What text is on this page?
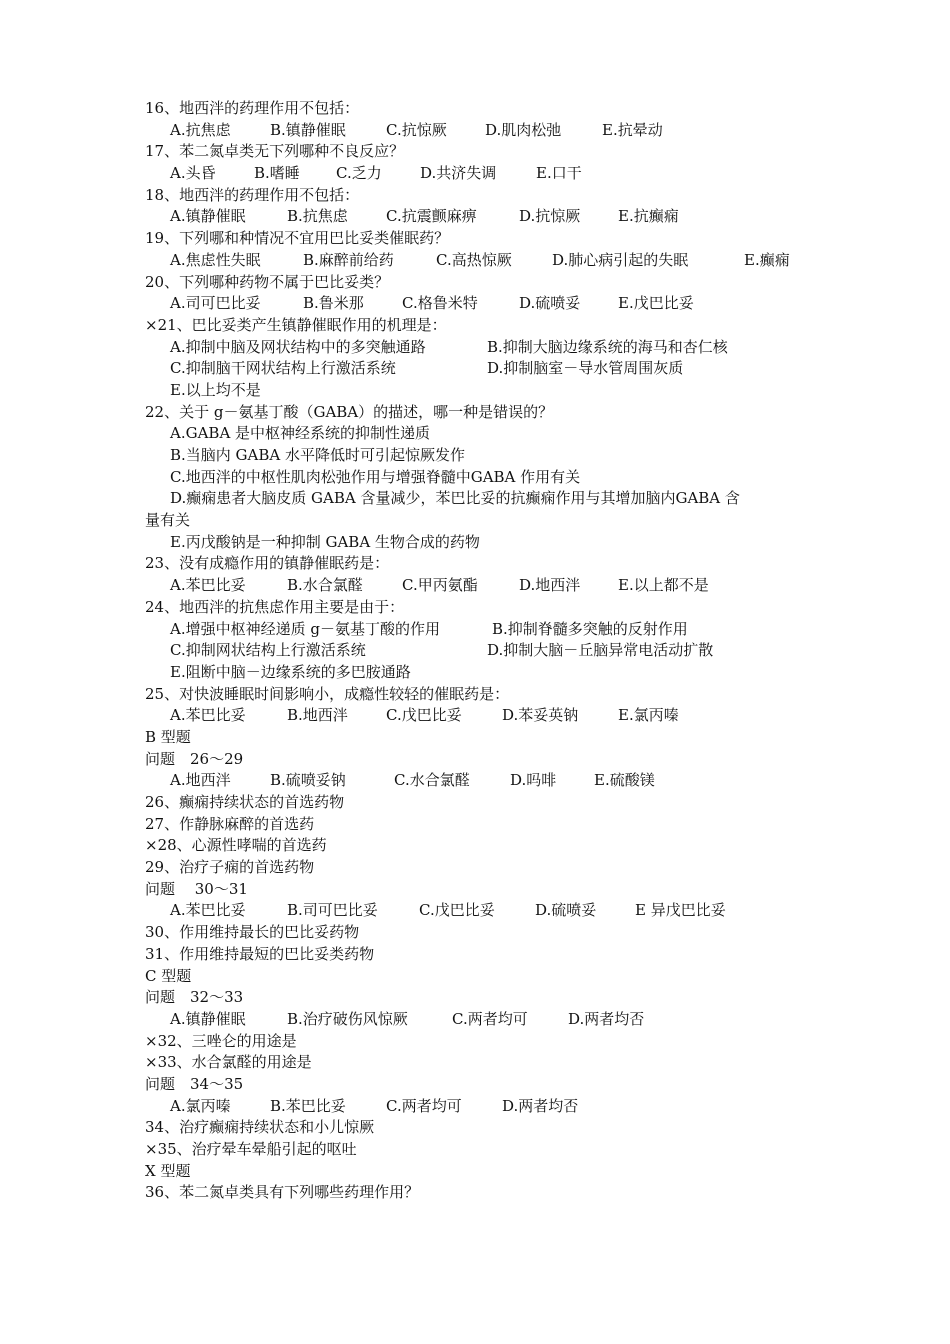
16、地西泮的药理作用不包括：
A.抗焦虑	B.镇静催眠	C.抗惊厥	D.肌肉松弛	E.抗晕动
17、苯二氮卓类无下列哪种不良反应？
A.头昏	B.嗜睡 C.乏力	D.共济失调	E.口干
18、地西泮的药理作用不包括：
A.镇静催眠	B.抗焦虑	C.抗震颤麻痹	D.抗惊厥	E.抗癫痫
19、下列哪和种情况不宜用巴比妥类催眠药？
A.焦虑性失眠	B.麻醉前给药	C.高热惊厥	D.肺心病引起的失眠	E.癫痫
20、下列哪种药物不属于巴比妥类？
A.司可巴比妥	B.鲁米那	C.格鲁米特	D.硫喷妥	E.戊巴比妥
×21、巴比妥类产生镇静催眠作用的机理是：
A.抑制中脑及网状结构中的多突触通路	B.抑制大脑边缘系统的海马和杏仁核
C.抑制脑干网状结构上行激活系统	D.抑制脑室－导水管周围灰质
E.以上均不是
22、关于 g－氨基丁酸（GABA）的描述，哪一种是错误的？
A.GABA 是中枢神经系统的抑制性递质
B.当脑内 GABA 水平降低时可引起惊厥发作
C.地西泮的中枢性肌肉松弛作用与增强脊髓中GABA 作用有关
D.癫痫患者大脑皮质 GABA 含量减少，苯巴比妥的抗癫痫作用与其增加脑内GABA 含
量有关
E.丙戊酸钠是一种抑制 GABA 生物合成的药物
23、没有成瘾作用的镇静催眠药是：
A.苯巴比妥	B.水合氯醛	C.甲丙氨酯	D.地西泮	E.以上都不是
24、地西泮的抗焦虑作用主要是由于：
A.增强中枢神经递质 g－氨基丁酸的作用	B.抑制脊髓多突触的反射作用
C.抑制网状结构上行激活系统	D.抑制大脑－丘脑异常电活动扩散
E.阻断中脑－边缘系统的多巴胺通路
25、对快波睡眠时间影响小，成瘾性较轻的催眠药是：
A.苯巴比妥	B.地西泮	C.戊巴比妥	D.苯妥英钠	E.氯丙嗪
B 型题
问题　26～29
A.地西泮	B.硫喷妥钠	C.水合氯醛	D.吗啡	E.硫酸镁
26、癫痫持续状态的首选药物
27、作静脉麻醉的首选药
×28、心源性哮喘的首选药
29、治疗子痫的首选药物
问题　 30～31
A.苯巴比妥	B.司可巴比妥	C.戊巴比妥	D.硫喷妥	E 异戊巴比妥
30、作用维持最长的巴比妥药物
31、作用维持最短的巴比妥类药物
C 型题
问题　32～33
A.镇静催眠	B.治疗破伤风惊厥	C.两者均可	D.两者均否
×32、三唑仑的用途是
×33、水合氯醛的用途是
问题　34～35
A.氯丙嗪	B.苯巴比妥	C.两者均可	D.两者均否
34、治疗癫痫持续状态和小儿惊厥
×35、治疗晕车晕船引起的呕吐
X 型题
36、苯二氮卓类具有下列哪些药理作用？
